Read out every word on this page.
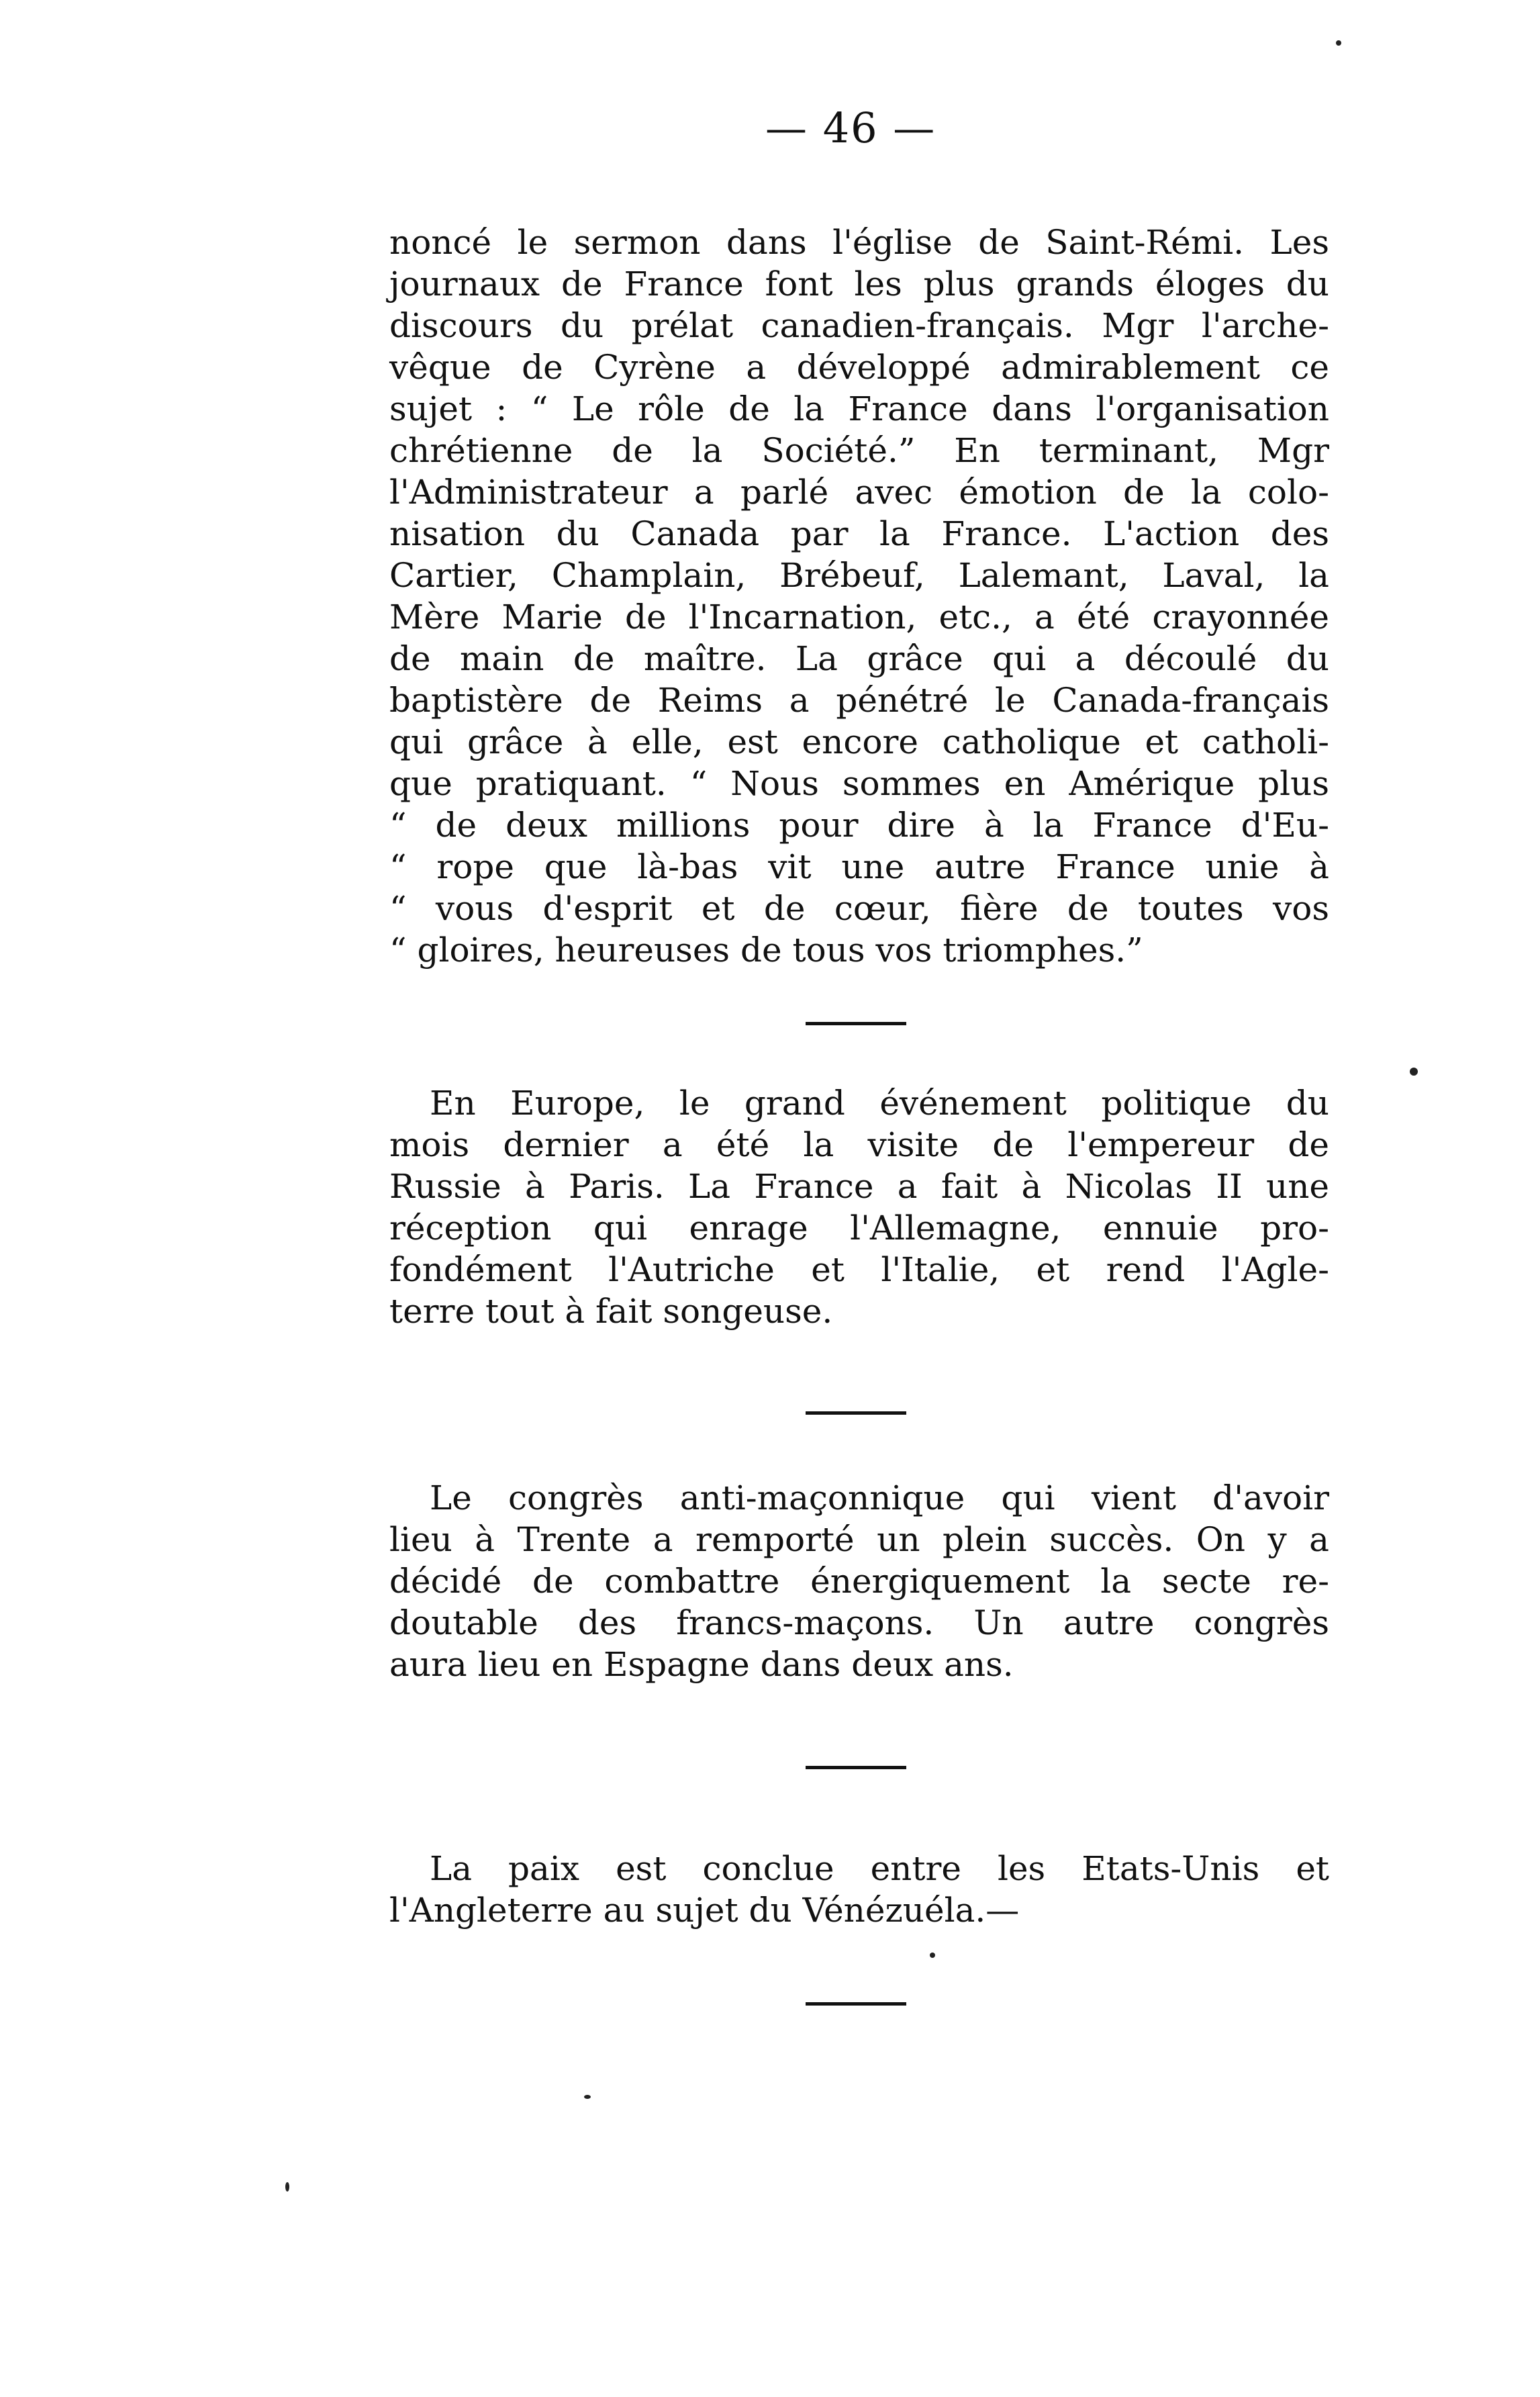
— 46 —
noncé le sermon dans l'église de Saint-Rémi. Les
journaux de France font les plus grands éloges du
discours du prélat canadien-français. Mgr l'arche-
vêque de Cyrène a développé admirablement ce
sujet : “ Le rôle de la France dans l'organisation
chrétienne de la Société.” En terminant, Mgr
l'Administrateur a parlé avec émotion de la colo-
nisation du Canada par la France. L'action des
Cartier, Champlain, Brébeuf, Lalemant, Laval, la
Mère Marie de l'Incarnation, etc., a été crayonnée
de main de maître. La grâce qui a découlé du
baptistère de Reims a pénétré le Canada-français
qui grâce à elle, est encore catholique et catholi-
que pratiquant. “ Nous sommes en Amérique plus
“ de deux millions pour dire à la France d'Eu-
“ rope que là-bas vit une autre France unie à
“ vous d'esprit et de cœur, fière de toutes vos
“ gloires, heureuses de tous vos triomphes.”
En Europe, le grand événement politique du
mois dernier a été la visite de l'empereur de
Russie à Paris. La France a fait à Nicolas II une
réception qui enrage l'Allemagne, ennuie pro-
fondément l'Autriche et l'Italie, et rend l'Agle-
terre tout à fait songeuse.
Le congrès anti-maçonnique qui vient d'avoir
lieu à Trente a remporté un plein succès. On y a
décidé de combattre énergiquement la secte re-
doutable des francs-maçons. Un autre congrès
aura lieu en Espagne dans deux ans.
La paix est conclue entre les Etats-Unis et
l'Angleterre au sujet du Vénézuéla.—
